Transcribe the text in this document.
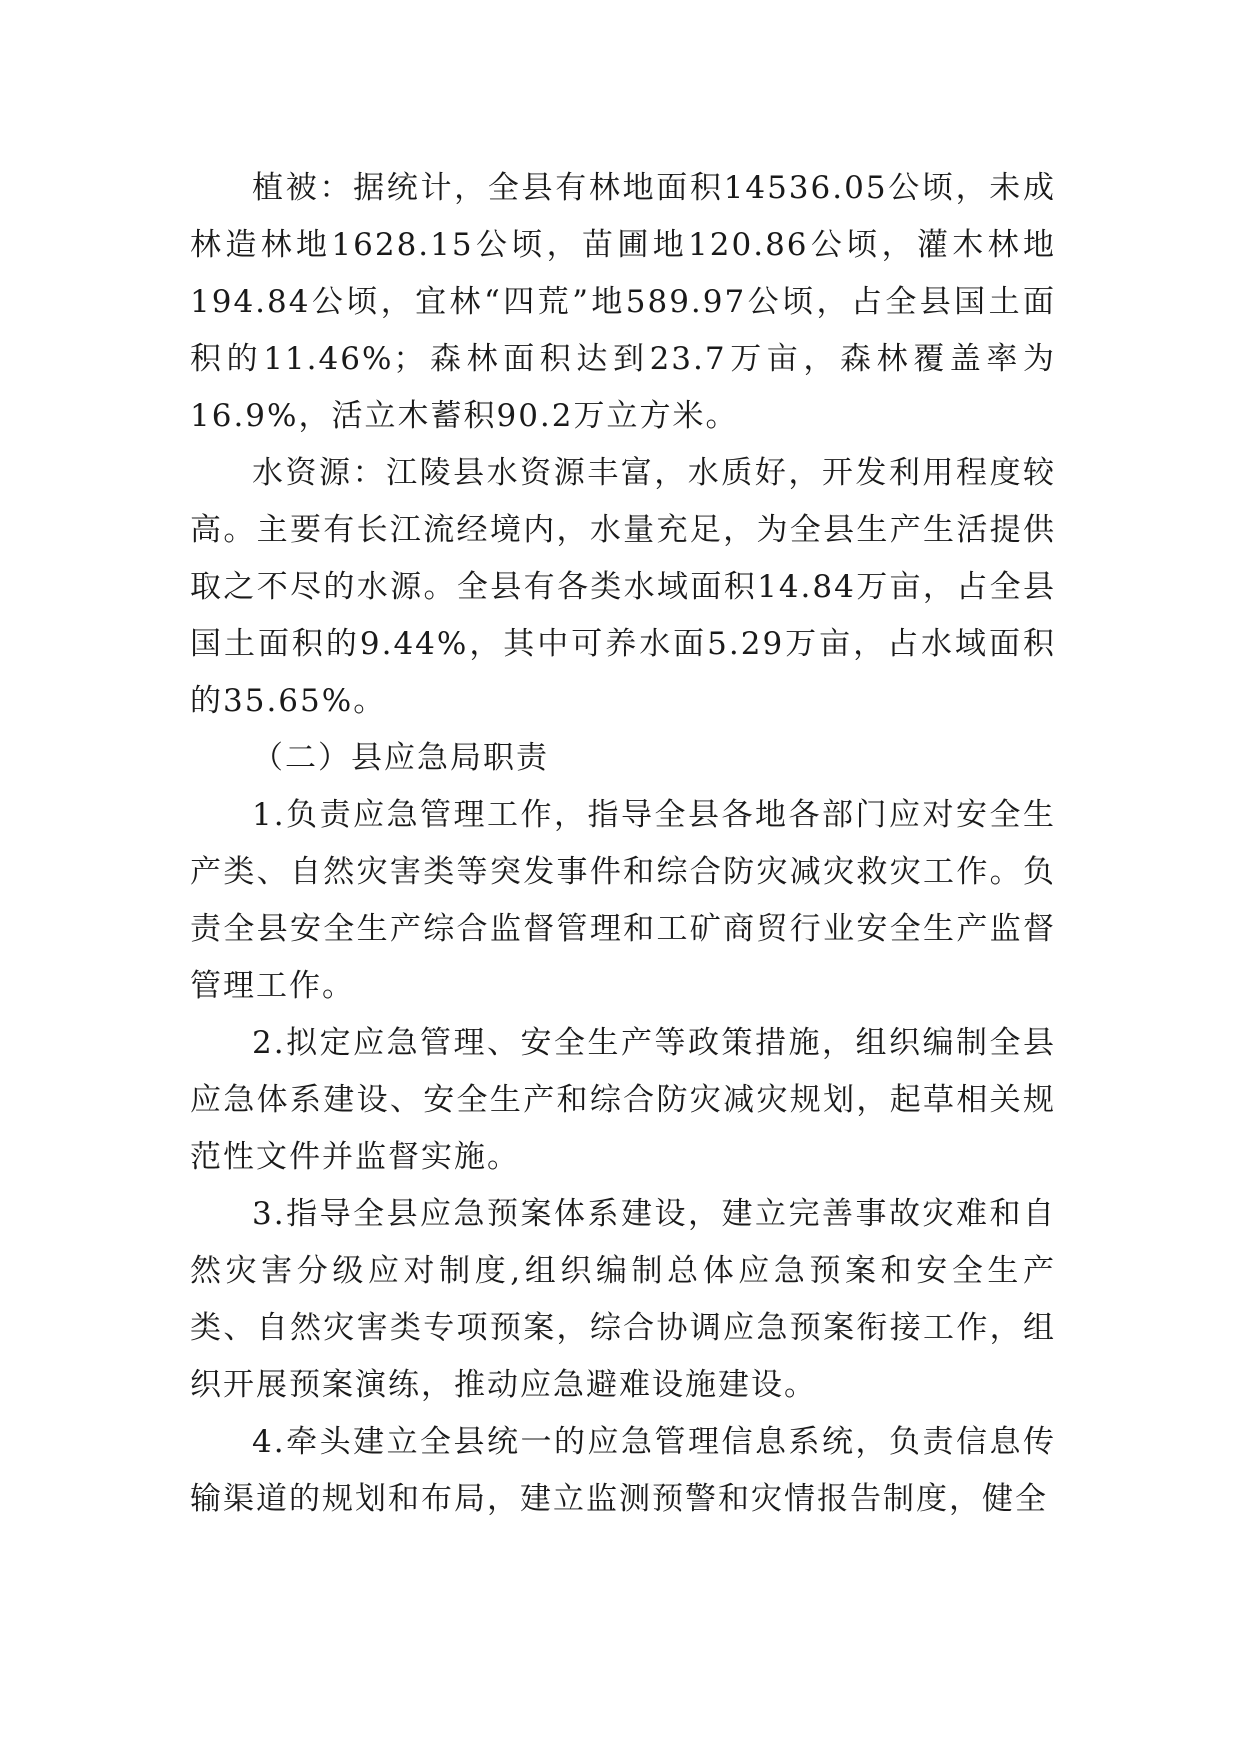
植被：据统计，全县有林地面积14536.05公顷，未成林造林地1628.15公顷，苗圃地120.86公顷，灌木林地194.84公顷，宜林“四荒”地589.97公顷，占全县国土面积的11.46%；森林面积达到23.7万亩，森林覆盖率为16.9%，活立木蓄积90.2万立方米。

水资源：江陵县水资源丰富，水质好，开发利用程度较高。主要有长江流经境内，水量充足，为全县生产生活提供取之不尽的水源。全县有各类水域面积14.84万亩，占全县国土面积的9.44%，其中可养水面5.29万亩，占水域面积的35.65%。

（二）县应急局职责

1.负责应急管理工作，指导全县各地各部门应对安全生产类、自然灾害类等突发事件和综合防灾减灾救灾工作。负责全县安全生产综合监督管理和工矿商贸行业安全生产监督管理工作。

2.拟定应急管理、安全生产等政策措施，组织编制全县应急体系建设、安全生产和综合防灾减灾规划，起草相关规范性文件并监督实施。

3.指导全县应急预案体系建设，建立完善事故灾难和自然灾害分级应对制度,组织编制总体应急预案和安全生产类、自然灾害类专项预案，综合协调应急预案衔接工作，组织开展预案演练，推动应急避难设施建设。

4.牵头建立全县统一的应急管理信息系统，负责信息传输渠道的规划和布局，建立监测预警和灾情报告制度，健全
